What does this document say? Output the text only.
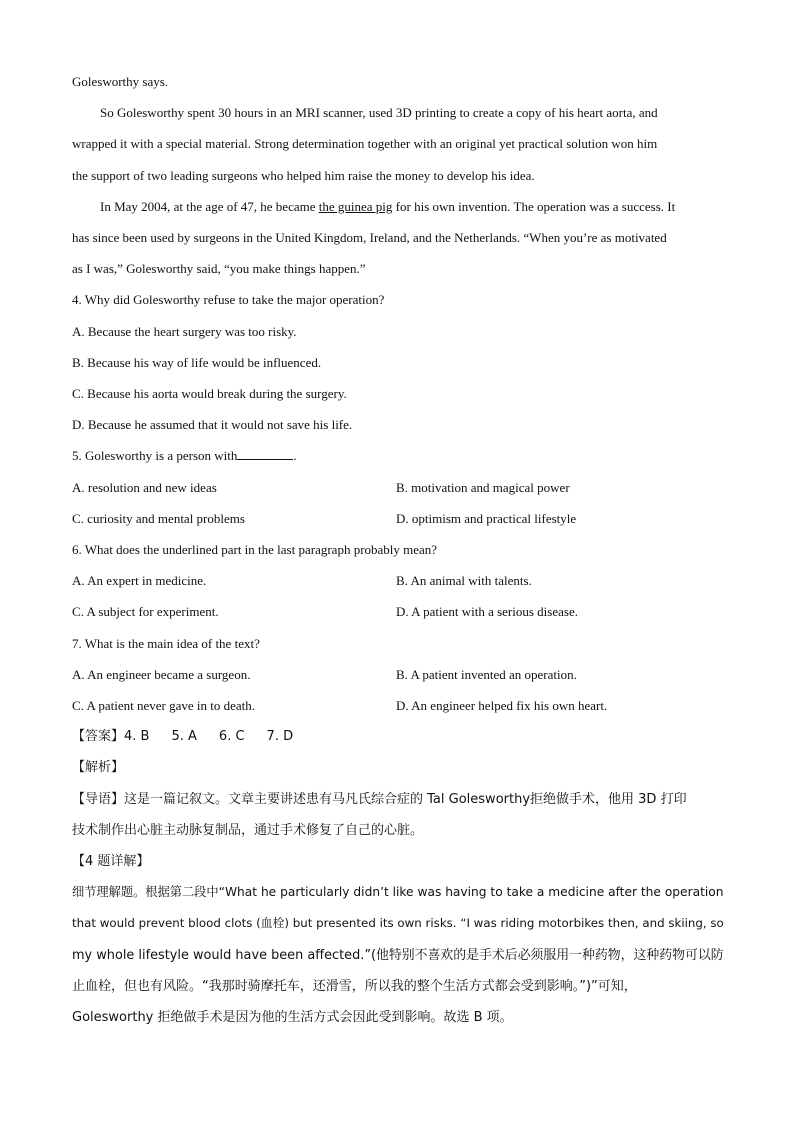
Golesworthy says.
So Golesworthy spent 30 hours in an MRI scanner, used 3D printing to create a copy of his heart aorta, and
wrapped it with a special material. Strong determination together with an original yet practical solution won him
the support of two leading surgeons who helped him raise the money to develop his idea.
In May 2004, at the age of 47, he became the guinea pig for his own invention. The operation was a success. It
has since been used by surgeons in the United Kingdom, Ireland, and the Netherlands. “When you’re as motivated
as I was,” Golesworthy said, “you make things happen.”
4. Why did Golesworthy refuse to take the major operation?
A. Because the heart surgery was too risky.
B. Because his way of life would be influenced.
C. Because his aorta would break during the surgery.
D. Because he assumed that it would not save his life.
5. Golesworthy is a person with	.
A. resolution and new ideas	B. motivation and magical power
C. curiosity and mental problems	D. optimism and practical lifestyle
6. What does the underlined part in the last paragraph probably mean?
A. An expert in medicine.	B. An animal with talents.
C. A subject for experiment.	D. A patient with a serious disease.
7. What is the main idea of the text?
A. An engineer became a surgeon.	B. A patient invented an operation.
C. A patient never gave in to death.	D. An engineer helped fix his own heart.
【答案】4. B 5. A 6. C 7. D
【解析】
【导语】这是一篇记叙文。文章主要讲述患有马凡氏综合症的 Tal Golesworthy拒绝做手术，他用 3D 打印
技术制作出心脏主动脉复制品，通过手术修复了自己的心脏。
【4 题详解】
细节理解题。根据第二段中“What he particularly didn’t like was having to take a medicine after the operation
that would prevent blood clots (血栓) but presented its own risks. “I was riding motorbikes then, and skiing, so
my whole lifestyle would have been affected.”(他特别不喜欢的是手术后必须服用一种药物，这种药物可以防
止血栓，但也有风险。“我那时骑摩托车，还滑雪，所以我的整个生活方式都会受到影响。”)”可知，
Golesworthy 拒绝做手术是因为他的生活方式会因此受到影响。故选 B 项。
